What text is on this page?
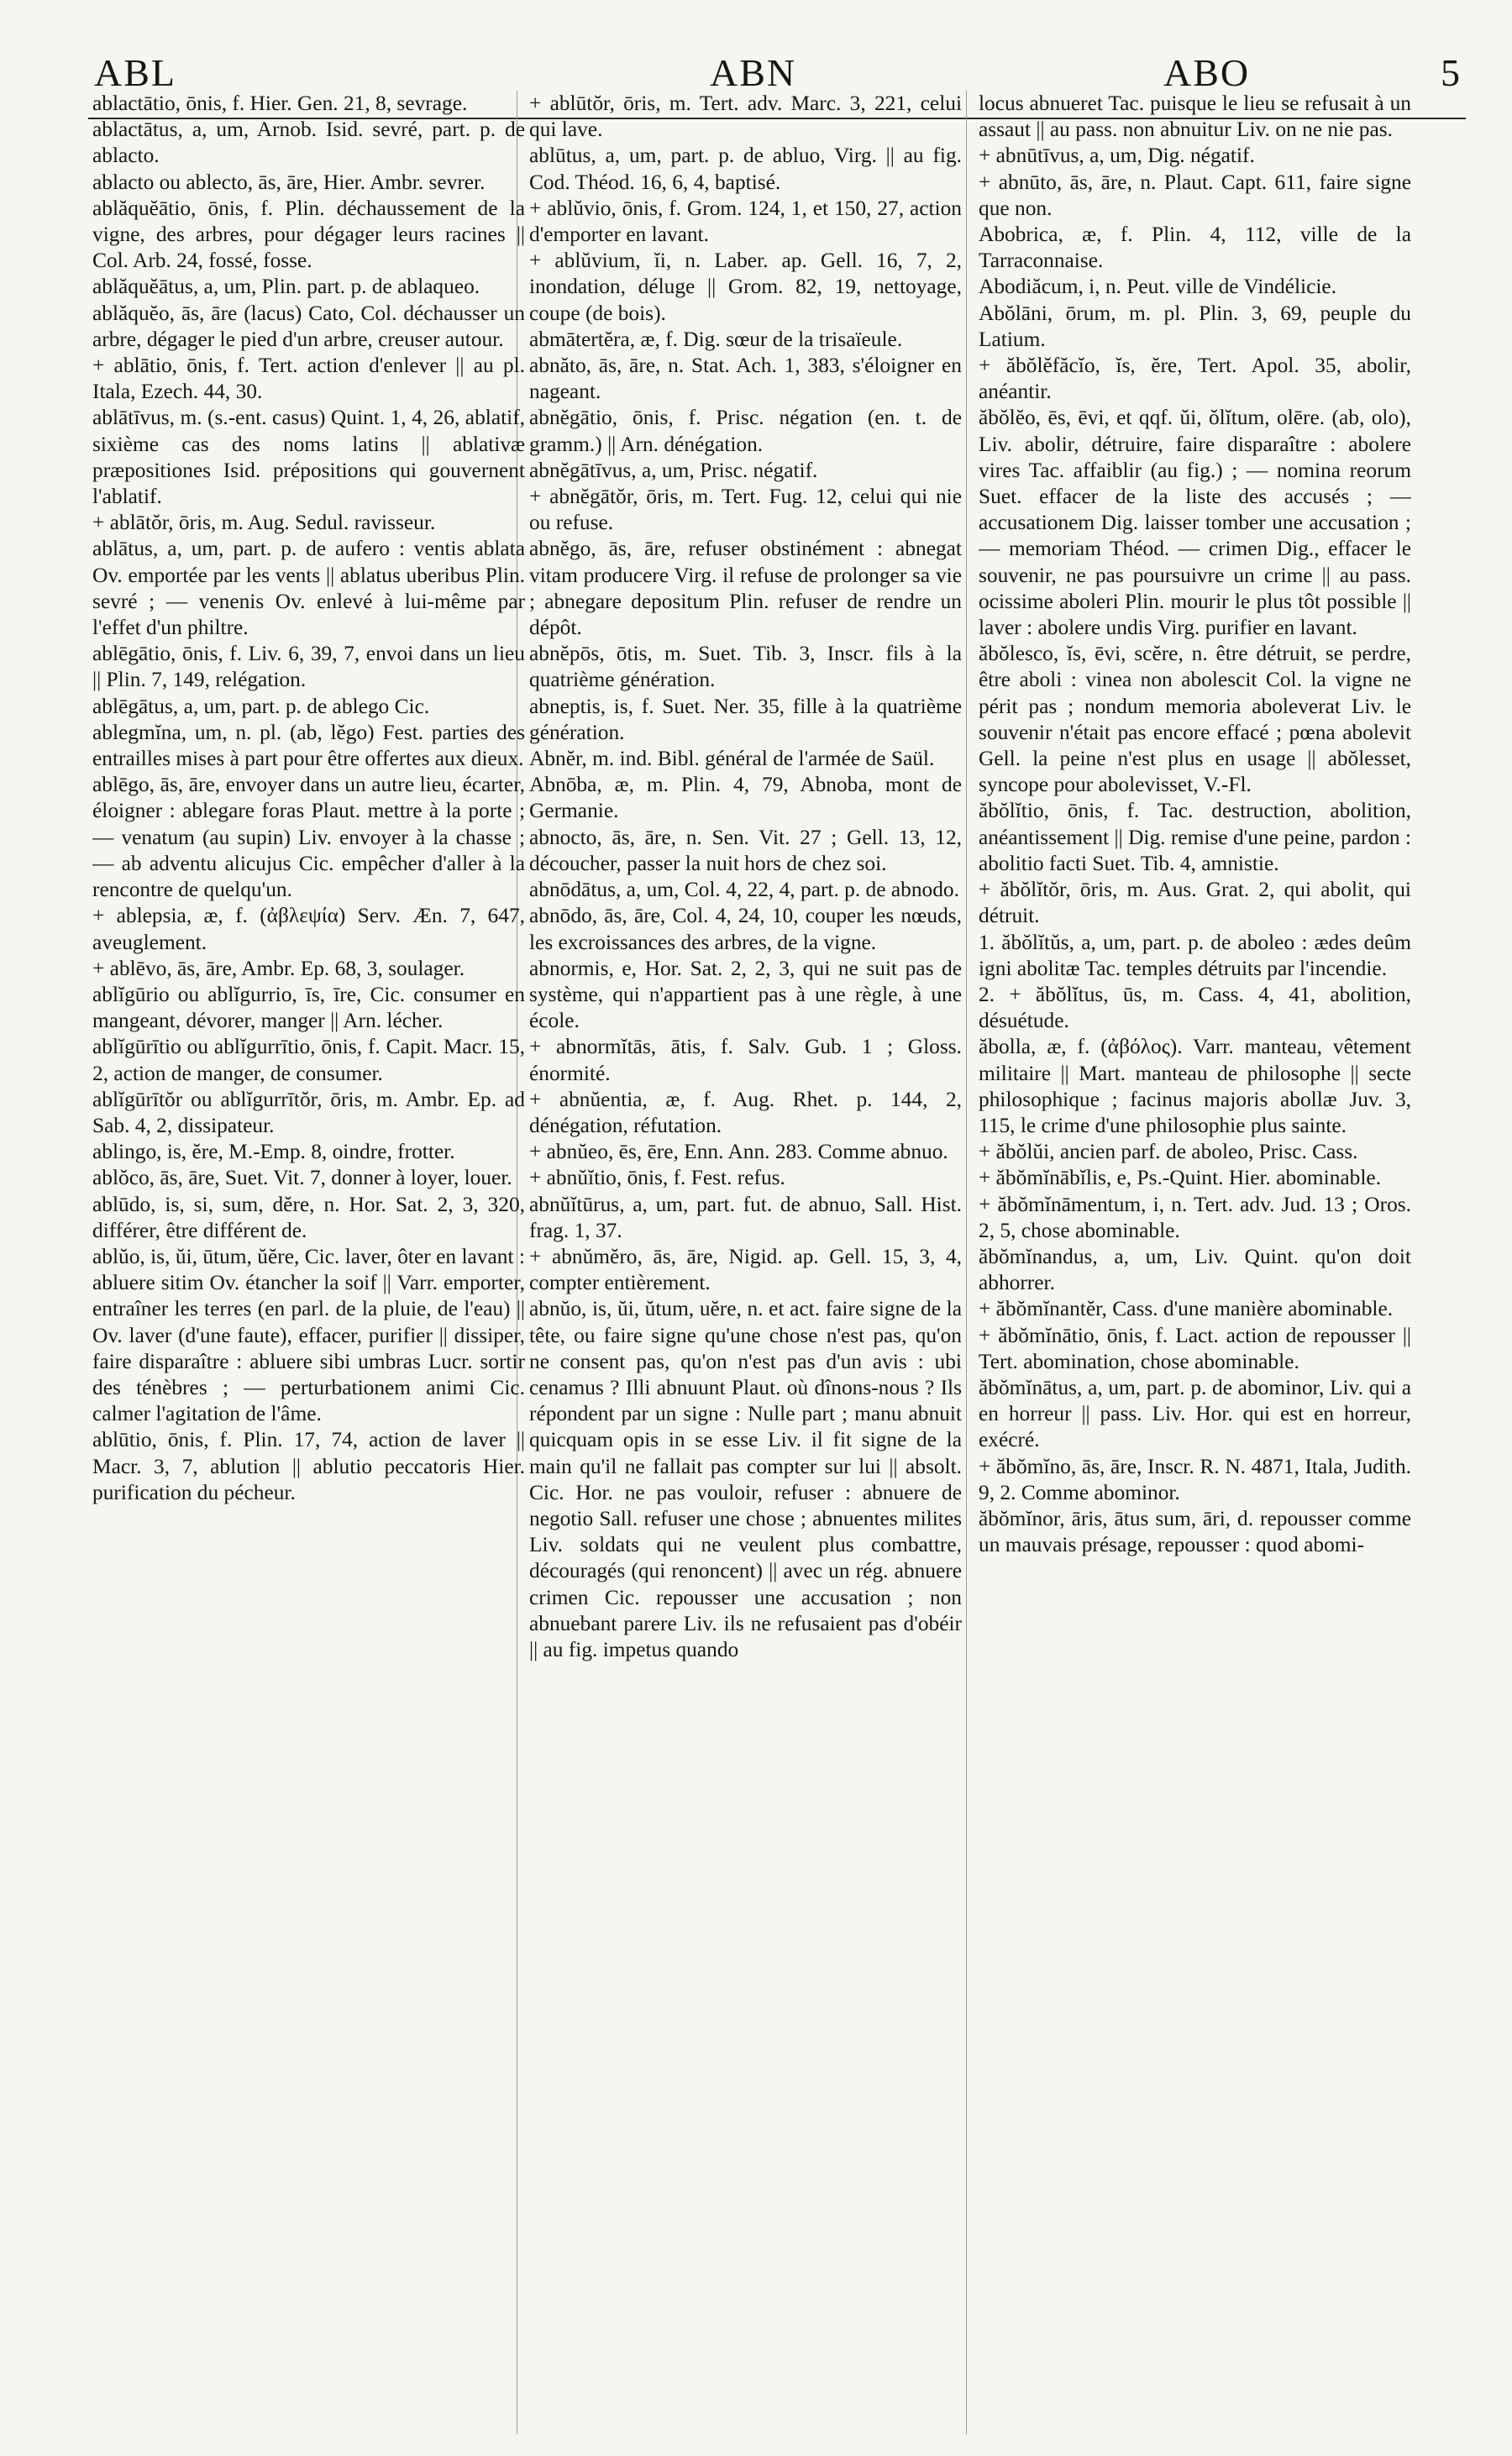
ABL	ABN	ABO	5

ablactātio, ōnis, f. Hier. Gen. 21, 8, sevrage.
ablactātus, a, um, Arnob. Isid. sevré, part. p. de ablacto.
ablacto ou ablecto, ās, āre, Hier. Ambr. sevrer.
ablăquĕātio, ōnis, f. Plin. déchaussement de la vigne, des arbres, pour dégager leurs racines || Col. Arb. 24, fossé, fosse.
ablăquĕātus, a, um, Plin. part. p. de ablaqueo.
ablăquĕo, ās, āre (lacus) Cato, Col. déchausser un arbre, dégager le pied d'un arbre, creuser autour.
+ ablātio, ōnis, f. Tert. action d'enlever || au pl. Itala, Ezech. 44, 30.
ablātīvus, m. (s.-ent. casus) Quint. 1, 4, 26, ablatif, sixième cas des noms latins || ablativæ præpositiones Isid. prépositions qui gouvernent l'ablatif.
+ ablātŏr, ōris, m. Aug. Sedul. ravisseur.
ablātus, a, um, part. p. de aufero : ventis ablata Ov. emportée par les vents || ablatus uberibus Plin. sevré ; — venenis Ov. enlevé à lui-même par l'effet d'un philtre.
ablēgātio, ōnis, f. Liv. 6, 39, 7, envoi dans un lieu || Plin. 7, 149, relégation.
ablēgātus, a, um, part. p. de ablego Cic.
ablegmĭna, um, n. pl. (ab, lĕgo) Fest. parties des entrailles mises à part pour être offertes aux dieux.
ablēgo, ās, āre, envoyer dans un autre lieu, écarter, éloigner : ablegare foras Plaut. mettre à la porte ; — venatum (au supin) Liv. envoyer à la chasse ; — ab adventu alicujus Cic. empêcher d'aller à la rencontre de quelqu'un.
+ ablepsia, æ, f. (ἀβλεψία) Serv. Æn. 7, 647, aveuglement.
+ ablēvo, ās, āre, Ambr. Ep. 68, 3, soulager.
ablĭgūrio ou ablĭgurrio, īs, īre, Cic. consumer en mangeant, dévorer, manger || Arn. lécher.
ablĭgūrītio ou ablĭgurrītio, ōnis, f. Capit. Macr. 15, 2, action de manger, de consumer.
ablĭgūrītŏr ou ablĭgurrītŏr, ōris, m. Ambr. Ep. ad Sab. 4, 2, dissipateur.
ablingo, is, ĕre, M.-Emp. 8, oindre, frotter.
ablŏco, ās, āre, Suet. Vit. 7, donner à loyer, louer.
ablūdo, is, si, sum, dĕre, n. Hor. Sat. 2, 3, 320, différer, être différent de.
ablŭo, is, ŭi, ūtum, ŭĕre, Cic. laver, ôter en lavant : abluere sitim Ov. étancher la soif || Varr. emporter, entraîner les terres (en parl. de la pluie, de l'eau) || Ov. laver (d'une faute), effacer, purifier || dissiper, faire disparaître : abluere sibi umbras Lucr. sortir des ténèbres ; — perturbationem animi Cic. calmer l'agitation de l'âme.
ablūtio, ōnis, f. Plin. 17, 74, action de laver || Macr. 3, 7, ablution || ablutio peccatoris Hier. purification du pécheur.

+ ablūtŏr, ōris, m. Tert. adv. Marc. 3, 221, celui qui lave.
ablūtus, a, um, part. p. de abluo, Virg. || au fig. Cod. Théod. 16, 6, 4, baptisé.
+ ablŭvio, ōnis, f. Grom. 124, 1, et 150, 27, action d'emporter en lavant.
+ ablŭvium, ĭi, n. Laber. ap. Gell. 16, 7, 2, inondation, déluge || Grom. 82, 19, nettoyage, coupe (de bois).
abmātertĕra, æ, f. Dig. sœur de la trisaïeule.
abnăto, ās, āre, n. Stat. Ach. 1, 383, s'éloigner en nageant.
abnĕgātio, ōnis, f. Prisc. négation (en. t. de gramm.) || Arn. dénégation.
abnĕgātīvus, a, um, Prisc. négatif.
+ abnĕgātŏr, ōris, m. Tert. Fug. 12, celui qui nie ou refuse.
abnĕgo, ās, āre, refuser obstinément : abnegat vitam producere Virg. il refuse de prolonger sa vie ; abnegare depositum Plin. refuser de rendre un dépôt.
abnĕpōs, ōtis, m. Suet. Tib. 3, Inscr. fils à la quatrième génération.
abneptis, is, f. Suet. Ner. 35, fille à la quatrième génération.
Abnĕr, m. ind. Bibl. général de l'armée de Saül.
Abnōba, æ, m. Plin. 4, 79, Abnoba, mont de Germanie.
abnocto, ās, āre, n. Sen. Vit. 27 ; Gell. 13, 12, découcher, passer la nuit hors de chez soi.
abnōdātus, a, um, Col. 4, 22, 4, part. p. de abnodo.
abnōdo, ās, āre, Col. 4, 24, 10, couper les nœuds, les excroissances des arbres, de la vigne.
abnormis, e, Hor. Sat. 2, 2, 3, qui ne suit pas de système, qui n'appartient pas à une règle, à une école.
+ abnormĭtās, ātis, f. Salv. Gub. 1 ; Gloss. énormité.
+ abnŭentia, æ, f. Aug. Rhet. p. 144, 2, dénégation, réfutation.
+ abnŭeo, ēs, ēre, Enn. Ann. 283. Comme abnuo.
+ abnŭĭtio, ōnis, f. Fest. refus.
abnŭĭtūrus, a, um, part. fut. de abnuo, Sall. Hist. frag. 1, 37.
+ abnŭmĕro, ās, āre, Nigid. ap. Gell. 15, 3, 4, compter entièrement.
abnŭo, is, ŭi, ŭtum, uĕre, n. et act. faire signe de la tête, ou faire signe qu'une chose n'est pas, qu'on ne consent pas, qu'on n'est pas d'un avis : ubi cenamus ? Illi abnuunt Plaut. où dînons-nous ? Ils répondent par un signe : Nulle part ; manu abnuit quicquam opis in se esse Liv. il fit signe de la main qu'il ne fallait pas compter sur lui || absolt. Cic. Hor. ne pas vouloir, refuser : abnuere de negotio Sall. refuser une chose ; abnuentes milites Liv. soldats qui ne veulent plus combattre, découragés (qui renoncent) || avec un rég. abnuere crimen Cic. repousser une accusation ; non abnuebant parere Liv. ils ne refusaient pas d'obéir || au fig. impetus quando

locus abnueret Tac. puisque le lieu se refusait à un assaut || au pass. non abnuitur Liv. on ne nie pas.
+ abnūtīvus, a, um, Dig. négatif.
+ abnūto, ās, āre, n. Plaut. Capt. 611, faire signe que non.
Abobrica, æ, f. Plin. 4, 112, ville de la Tarraconnaise.
Abodiăcum, i, n. Peut. ville de Vindélicie.
Abŏlāni, ōrum, m. pl. Plin. 3, 69, peuple du Latium.
+ ăbŏlĕfăcĭo, ĭs, ĕre, Tert. Apol. 35, abolir, anéantir.
ăbŏlĕo, ēs, ēvi, et qqf. ŭi, ŏlĭtum, olēre. (ab, olo), Liv. abolir, détruire, faire disparaître : abolere vires Tac. affaiblir (au fig.) ; — nomina reorum Suet. effacer de la liste des accusés ; — accusationem Dig. laisser tomber une accusation ; — memoriam Théod. — crimen Dig., effacer le souvenir, ne pas poursuivre un crime || au pass. ocissime aboleri Plin. mourir le plus tôt possible || laver : abolere undis Virg. purifier en lavant.
ăbŏlesco, ĭs, ēvi, scĕre, n. être détruit, se perdre, être aboli : vinea non abolescit Col. la vigne ne périt pas ; nondum memoria aboleverat Liv. le souvenir n'était pas encore effacé ; pœna abolevit Gell. la peine n'est plus en usage || abŏlesset, syncope pour abolevisset, V.-Fl.
ăbŏlĭtio, ōnis, f. Tac. destruction, abolition, anéantissement || Dig. remise d'une peine, pardon : abolitio facti Suet. Tib. 4, amnistie.
+ ăbŏlĭtŏr, ōris, m. Aus. Grat. 2, qui abolit, qui détruit.
1. ăbŏlĭtŭs, a, um, part. p. de aboleo : ædes deûm igni abolitæ Tac. temples détruits par l'incendie.
2. + ăbŏlĭtus, ūs, m. Cass. 4, 41, abolition, désuétude.
ăbolla, æ, f. (ἀβόλος). Varr. manteau, vêtement militaire || Mart. manteau de philosophe || secte philosophique ; facinus majoris abollæ Juv. 3, 115, le crime d'une philosophie plus sainte.
+ ăbŏlŭi, ancien parf. de aboleo, Prisc. Cass.
+ ăbŏmĭnābĭlis, e, Ps.-Quint. Hier. abominable.
+ ăbŏmĭnāmentum, i, n. Tert. adv. Jud. 13 ; Oros. 2, 5, chose abominable.
ăbŏmĭnandus, a, um, Liv. Quint. qu'on doit abhorrer.
+ ăbŏmĭnantĕr, Cass. d'une manière abominable.
+ ăbŏmĭnātio, ōnis, f. Lact. action de repousser || Tert. abomination, chose abominable.
ăbŏmĭnātus, a, um, part. p. de abominor, Liv. qui a en horreur || pass. Liv. Hor. qui est en horreur, exécré.
+ ăbŏmĭno, ās, āre, Inscr. R. N. 4871, Itala, Judith. 9, 2. Comme abominor.
ăbŏmĭnor, āris, ātus sum, āri, d. repousser comme un mauvais présage, repousser : quod abomi-
